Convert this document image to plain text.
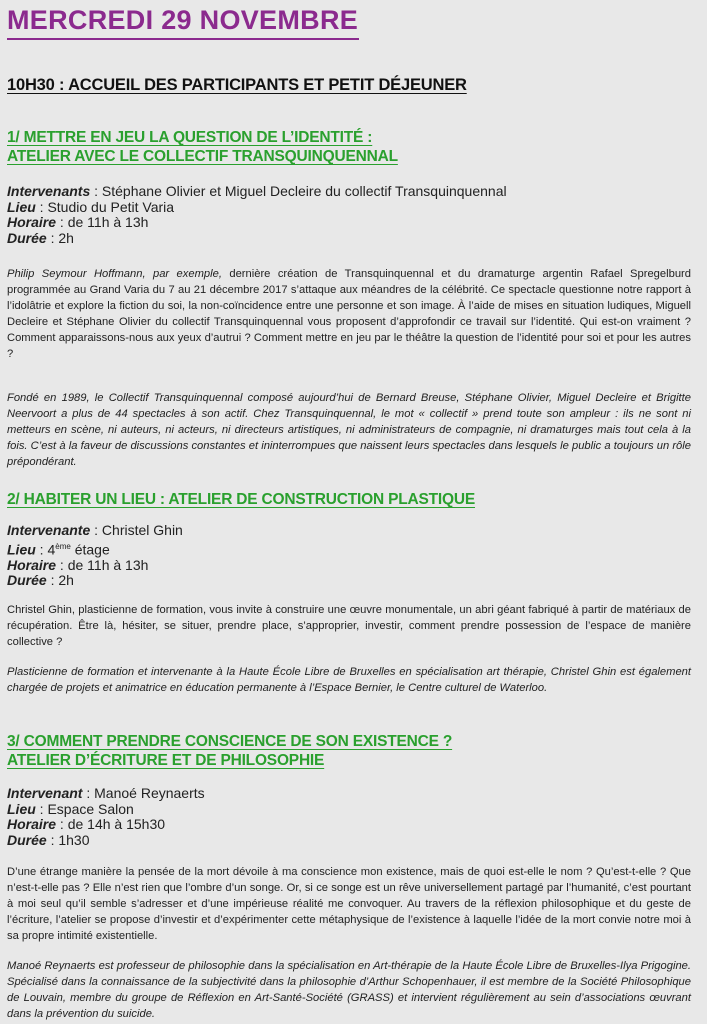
MERCREDI 29 NOVEMBRE
10H30 : ACCUEIL DES PARTICIPANTS ET PETIT DÉJEUNER
1/ METTRE EN JEU LA QUESTION DE L’IDENTITÉ :
ATELIER AVEC LE COLLECTIF TRANSQUINQUENNAL
Intervenants : Stéphane Olivier et Miguel Decleire du collectif Transquinquennal
Lieu : Studio du Petit Varia
Horaire : de 11h à 13h
Durée : 2h

Philip Seymour Hoffmann, par exemple, dernière création de Transquinquennal et du dramaturge argentin Rafael Spregelburd programmée au Grand Varia du 7 au 21 décembre 2017 s’attaque aux méandres de la célébrité. Ce spectacle questionne notre rapport à l’idolâtrie et explore la fiction du soi, la non-coïncidence entre une personne et son image. À l’aide de mises en situation ludiques, Miguell Decleire et Stéphane Olivier du collectif Transquinquennal vous proposent d’approfondir ce travail sur l’identité. Qui est-on vraiment ? Comment apparaissons-nous aux yeux d’autrui ? Comment mettre en jeu par le théâtre la question de l’identité pour soi et pour les autres ?

Fondé en 1989, le Collectif Transquinquennal composé aujourd’hui de Bernard Breuse, Stéphane Olivier, Miguel Decleire et Brigitte Neervoort a plus de 44 spectacles à son actif. Chez Transquinquennal, le mot « collectif » prend toute son ampleur : ils ne sont ni metteurs en scène, ni auteurs, ni acteurs, ni directeurs artistiques, ni administrateurs de compagnie, ni dramaturges mais tout cela à la fois. C’est à la faveur de discussions constantes et ininterrompues que naissent leurs spectacles dans lesquels le public a toujours un rôle prépondérant.

2/ HABITER UN LIEU : ATELIER DE CONSTRUCTION PLASTIQUE
Intervenante : Christel Ghin
Lieu : 4ème étage
Horaire : de 11h à 13h
Durée : 2h

Christel Ghin, plasticienne de formation, vous invite à construire une œuvre monumentale, un abri géant fabriqué à partir de matériaux de récupération. Être là, hésiter, se situer, prendre place, s’approprier, investir, comment prendre possession de l’espace de manière collective ?

Plasticienne de formation et intervenante à la Haute École Libre de Bruxelles en spécialisation art thérapie, Christel Ghin est également chargée de projets et animatrice en éducation permanente à l’Espace Bernier, le Centre culturel de Waterloo.

3/ COMMENT PRENDRE CONSCIENCE DE SON EXISTENCE ?
ATELIER D’ÉCRITURE ET DE PHILOSOPHIE
Intervenant : Manoé Reynaerts
Lieu : Espace Salon
Horaire : de 14h à 15h30
Durée : 1h30

D’une étrange manière la pensée de la mort dévoile à ma conscience mon existence, mais de quoi est-elle le nom ? Qu’est-t-elle ? Que n’est-t-elle pas ? Elle n’est rien que l’ombre d’un songe. Or, si ce songe est un rêve universellement partagé par l’humanité, c’est pourtant à moi seul qu’il semble s’adresser et d’une impérieuse réalité me convoquer. Au travers de la réflexion philosophique et du geste de l’écriture, l’atelier se propose d’investir et d’expérimenter cette métaphysique de l’existence à laquelle l’idée de la mort convie notre moi à sa propre intimité existentielle.

Manoé Reynaerts est professeur de philosophie dans la spécialisation en Art-thérapie de la Haute École Libre de Bruxelles-Ilya Prigogine. Spécialisé dans la connaissance de la subjectivité dans la philosophie d’Arthur Schopenhauer, il est membre de la Société Philosophique de Louvain, membre du groupe de Réflexion en Art-Santé-Société (GRASS) et intervient régulièrement au sein d’associations œuvrant dans la prévention du suicide.
